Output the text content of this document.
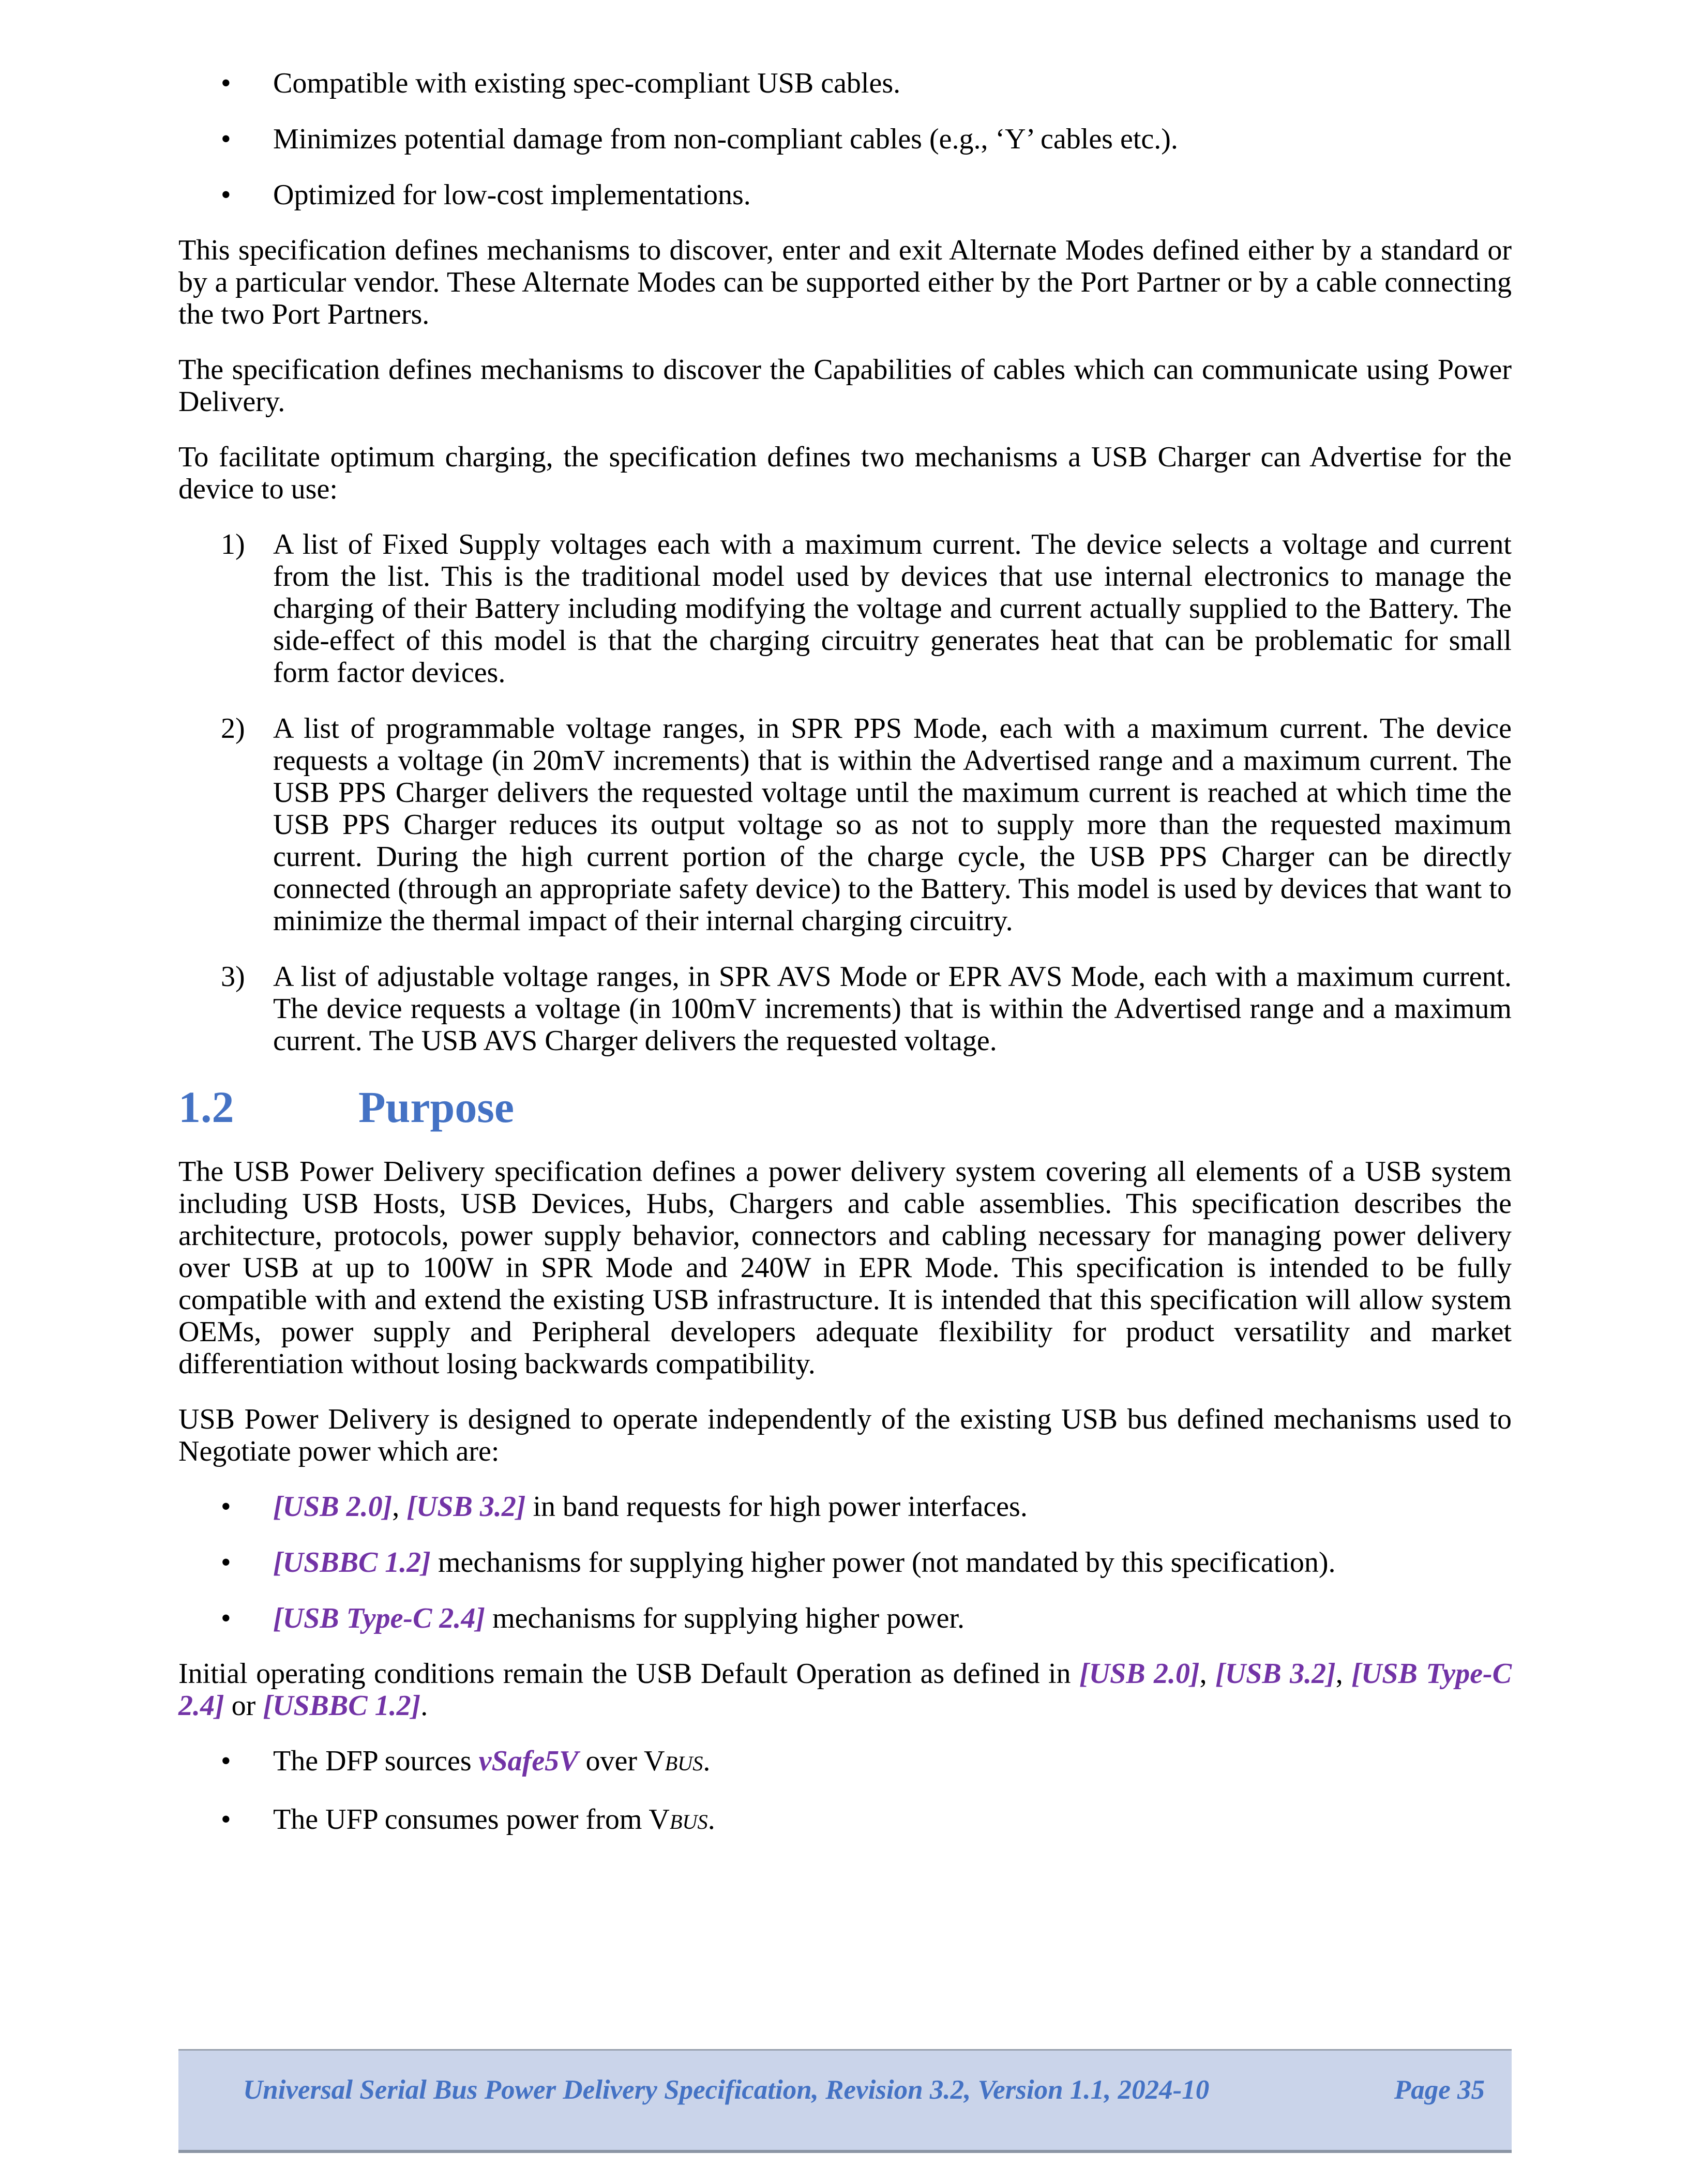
• Compatible with existing spec-compliant USB cables.
• Minimizes potential damage from non-compliant cables (e.g., ‘Y’ cables etc.).
• Optimized for low-cost implementations.

This specification defines mechanisms to discover, enter and exit Alternate Modes defined either by a standard or by a particular vendor. These Alternate Modes can be supported either by the Port Partner or by a cable connecting the two Port Partners.

The specification defines mechanisms to discover the Capabilities of cables which can communicate using Power Delivery.

To facilitate optimum charging, the specification defines two mechanisms a USB Charger can Advertise for the device to use:

1) A list of Fixed Supply voltages each with a maximum current. The device selects a voltage and current from the list. This is the traditional model used by devices that use internal electronics to manage the charging of their Battery including modifying the voltage and current actually supplied to the Battery. The side-effect of this model is that the charging circuitry generates heat that can be problematic for small form factor devices.
2) A list of programmable voltage ranges, in SPR PPS Mode, each with a maximum current. The device requests a voltage (in 20mV increments) that is within the Advertised range and a maximum current. The USB PPS Charger delivers the requested voltage until the maximum current is reached at which time the USB PPS Charger reduces its output voltage so as not to supply more than the requested maximum current. During the high current portion of the charge cycle, the USB PPS Charger can be directly connected (through an appropriate safety device) to the Battery. This model is used by devices that want to minimize the thermal impact of their internal charging circuitry.
3) A list of adjustable voltage ranges, in SPR AVS Mode or EPR AVS Mode, each with a maximum current. The device requests a voltage (in 100mV increments) that is within the Advertised range and a maximum current. The USB AVS Charger delivers the requested voltage.
1.2	Purpose

The USB Power Delivery specification defines a power delivery system covering all elements of a USB system including USB Hosts, USB Devices, Hubs, Chargers and cable assemblies. This specification describes the architecture, protocols, power supply behavior, connectors and cabling necessary for managing power delivery over USB at up to 100W in SPR Mode and 240W in EPR Mode. This specification is intended to be fully compatible with and extend the existing USB infrastructure. It is intended that this specification will allow system OEMs, power supply and Peripheral developers adequate flexibility for product versatility and market differentiation without losing backwards compatibility.

USB Power Delivery is designed to operate independently of the existing USB bus defined mechanisms used to Negotiate power which are:

• [USB 2.0], [USB 3.2] in band requests for high power interfaces.
• [USBBC 1.2] mechanisms for supplying higher power (not mandated by this specification).
• [USB Type-C 2.4] mechanisms for supplying higher power.

Initial operating conditions remain the USB Default Operation as defined in [USB 2.0], [USB 3.2], [USB Type-C 2.4] or [USBBC 1.2].

• The DFP sources vSafe5V over VBUS.
• The UFP consumes power from VBUS.
Universal Serial Bus Power Delivery Specification, Revision 3.2, Version 1.1, 2024-10	Page 35
